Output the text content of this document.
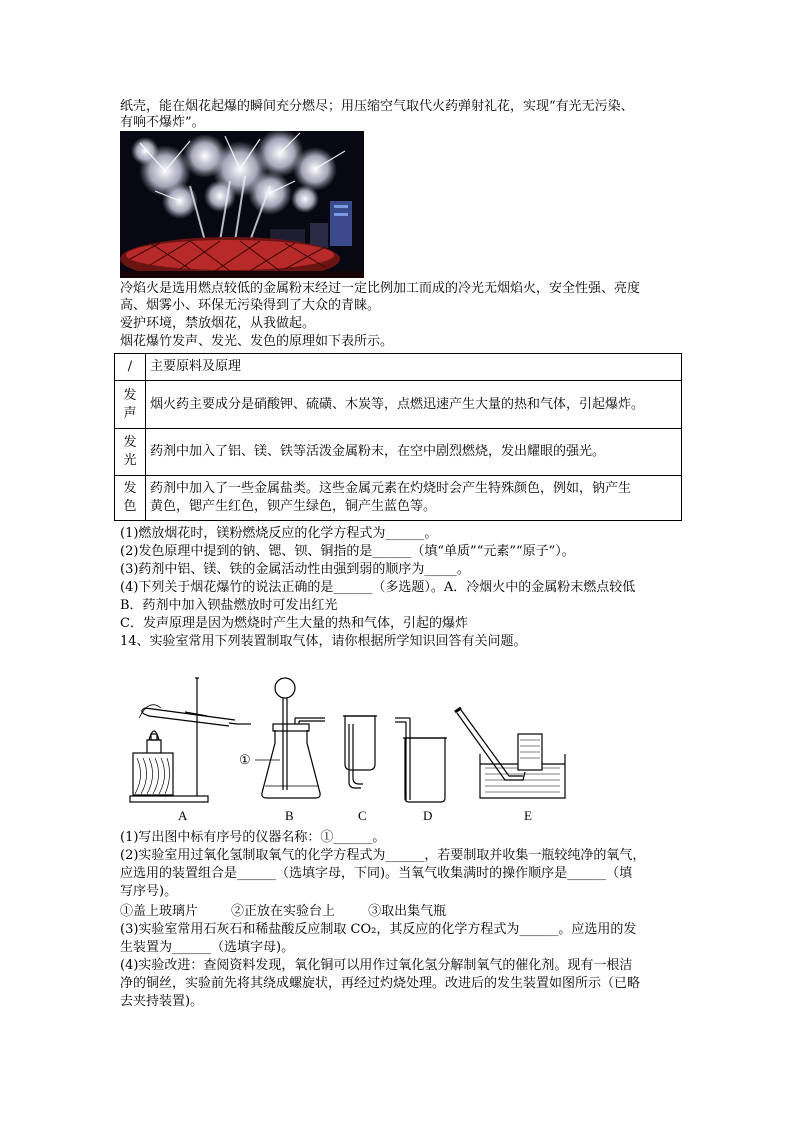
纸壳，能在烟花起爆的瞬间充分燃尽；用压缩空气取代火药弹射礼花，实现“有光无污染、
有响不爆炸”。
冷焰火是选用燃点较低的金属粉末经过一定比例加工而成的冷光无烟焰火，安全性强、亮度
高、烟雾小、环保无污染得到了大众的青睐。
爱护环境，禁放烟花，从我做起。
烟花爆竹发声、发光、发色的原理如下表所示。
/	主要原料及原理
发
声	烟火药主要成分是硝酸钾、硫磺、木炭等，点燃迅速产生大量的热和气体，引起爆炸。
发
光	药剂中加入了铝、镁、铁等活泼金属粉末，在空中剧烈燃烧，发出耀眼的强光。
发
色	药剂中加入了一些金属盐类。这些金属元素在灼烧时会产生特殊颜色，例如，钠产生
黄色，锶产生红色，钡产生绿色，铜产生蓝色等。
(1)燃放烟花时，镁粉燃烧反应的化学方程式为______。
(2)发色原理中提到的钠、锶、钡、铜指的是______（填“单质”“元素”“原子”）。
(3)药剂中铝、镁、铁的金属活动性由强到弱的顺序为_____。
(4)下列关于烟花爆竹的说法正确的是______（多选题）。A．冷烟火中的金属粉末燃点较低
B．药剂中加入钡盐燃放时可发出红光
C．发声原理是因为燃烧时产生大量的热和气体，引起的爆炸
14、实验室常用下列装置制取气体，请你根据所学知识回答有关问题。
①
A	B	C	D	E
(1)写出图中标有序号的仪器名称：①______。
(2)实验室用过氧化氢制取氧气的化学方程式为______，若要制取并收集一瓶较纯净的氧气，
应选用的装置组合是______（选填字母，下同)。当氧气收集满时的操作顺序是______（填
写序号)。
①盖上玻璃片        ②正放在实验台上        ③取出集气瓶
(3)实验室常用石灰石和稀盐酸反应制取 CO₂，其反应的化学方程式为______。应选用的发
生装置为______（选填字母)。
(4)实验改进：查阅资料发现，氧化铜可以用作过氧化氢分解制氧气的催化剂。现有一根洁
净的铜丝，实验前先将其绕成螺旋状，再经过灼烧处理。改进后的发生装置如图所示（已略
去夹持装置)。
